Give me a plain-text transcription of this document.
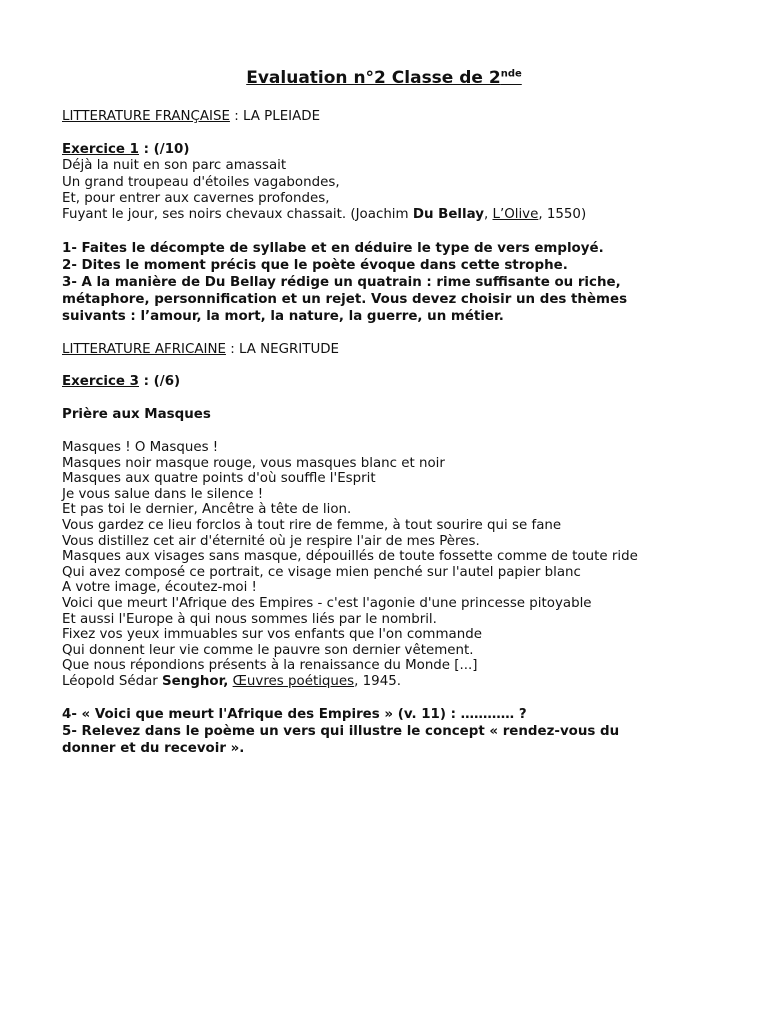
Evaluation n°2 Classe de 2nde
LITTERATURE FRANÇAISE : LA PLEIADE
Exercice 1 : (/10)
Déjà la nuit en son parc amassait
Un grand troupeau d'étoiles vagabondes,
Et, pour entrer aux cavernes profondes,
Fuyant le jour, ses noirs chevaux chassait. (Joachim Du Bellay, L’Olive, 1550)
1- Faites le décompte de syllabe et en déduire le type de vers employé.
2- Dites le moment précis que le poète évoque dans cette strophe.
3- A la manière de Du Bellay rédige un quatrain : rime suffisante ou riche,
métaphore, personnification et un rejet. Vous devez choisir un des thèmes
suivants : l’amour, la mort, la nature, la guerre, un métier.
LITTERATURE AFRICAINE : LA NEGRITUDE
Exercice 3 : (/6)
Prière aux Masques
Masques ! O Masques !
Masques noir masque rouge, vous masques blanc et noir
Masques aux quatre points d'où souffle l'Esprit
Je vous salue dans le silence !
Et pas toi le dernier, Ancêtre à tête de lion.
Vous gardez ce lieu forclos à tout rire de femme, à tout sourire qui se fane
Vous distillez cet air d'éternité où je respire l'air de mes Pères.
Masques aux visages sans masque, dépouillés de toute fossette comme de toute ride
Qui avez composé ce portrait, ce visage mien penché sur l'autel papier blanc
A votre image, écoutez-moi !
Voici que meurt l'Afrique des Empires - c'est l'agonie d'une princesse pitoyable
Et aussi l'Europe à qui nous sommes liés par le nombril.
Fixez vos yeux immuables sur vos enfants que l'on commande
Qui donnent leur vie comme le pauvre son dernier vêtement.
Que nous répondions présents à la renaissance du Monde [...]
Léopold Sédar Senghor, Œuvres poétiques, 1945.
4- « Voici que meurt l'Afrique des Empires » (v. 11) : ………… ?
5- Relevez dans le poème un vers qui illustre le concept « rendez-vous du
donner et du recevoir ».
